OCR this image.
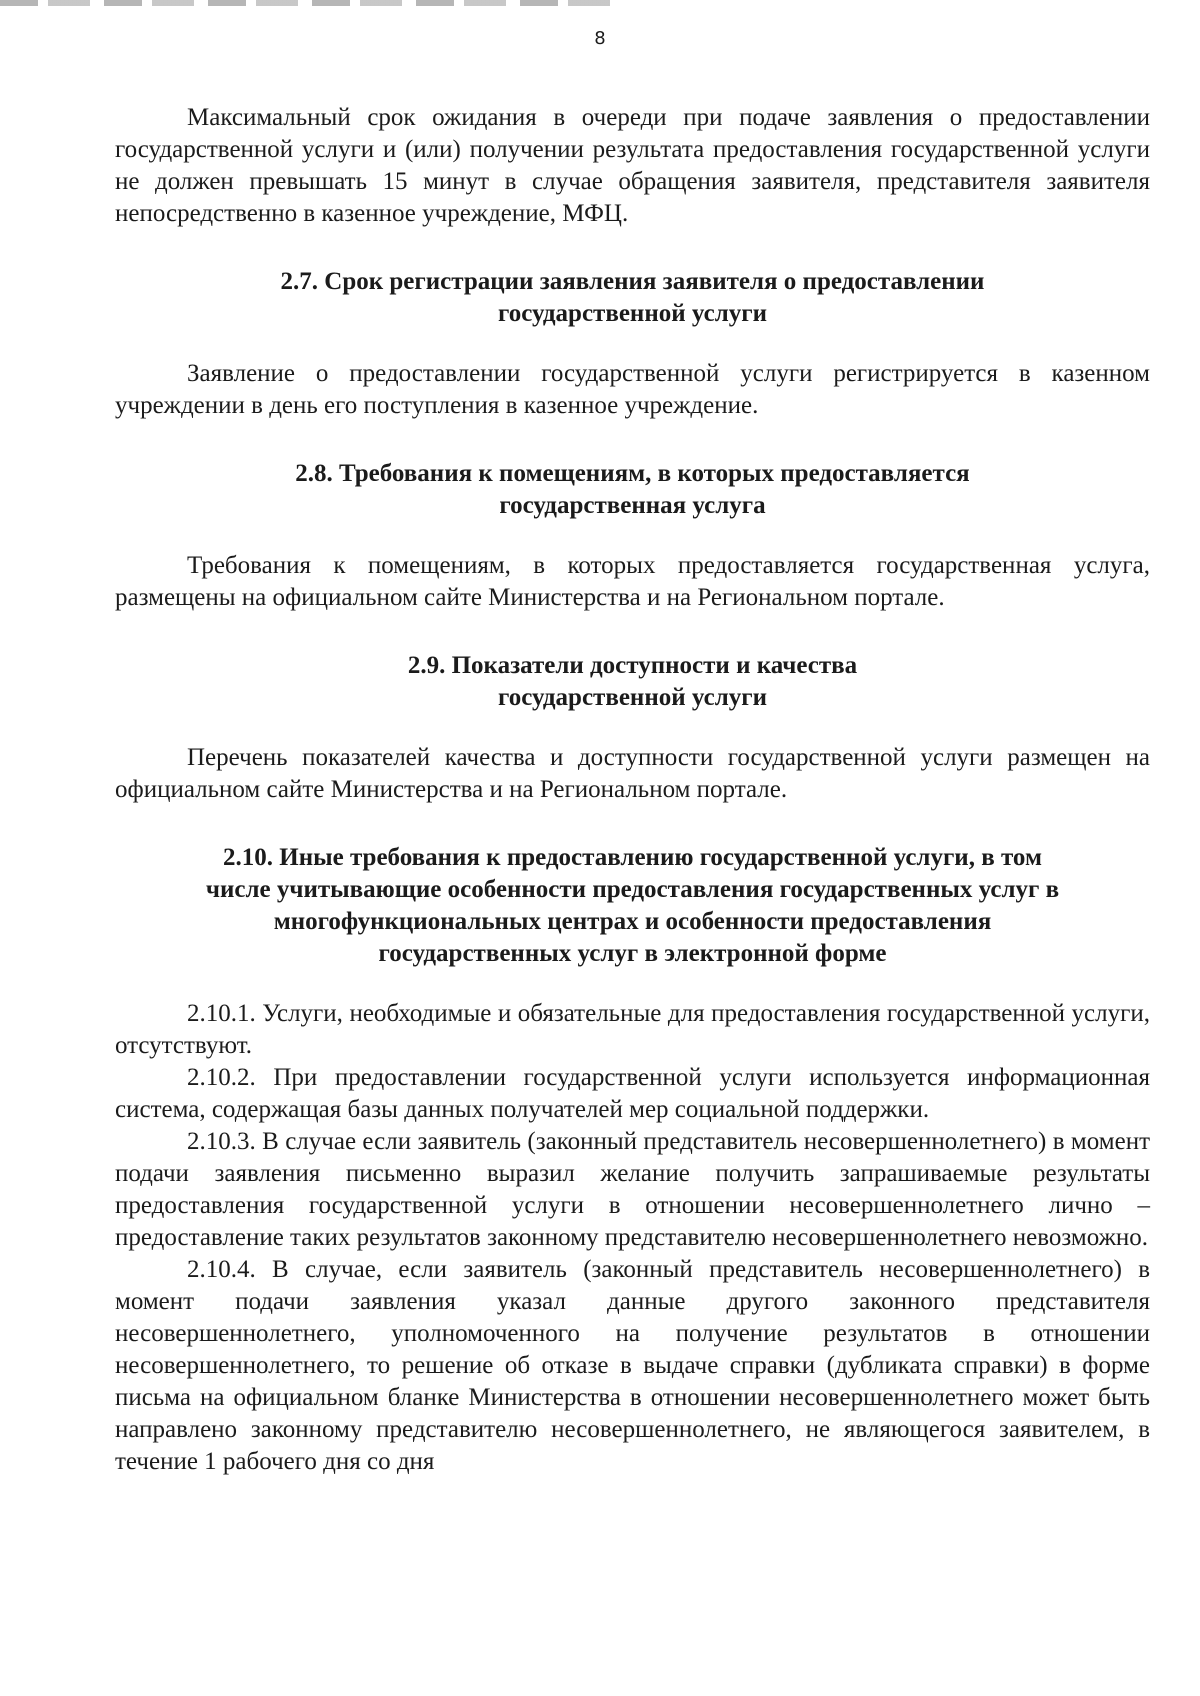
8

Максимальный срок ожидания в очереди при подаче заявления о предоставлении государственной услуги и (или) получении результата предоставления государственной услуги не должен превышать 15 минут в случае обращения заявителя, представителя заявителя непосредственно в казенное учреждение, МФЦ.

2.7. Срок регистрации заявления заявителя о предоставлении
государственной услуги

Заявление о предоставлении государственной услуги регистрируется в казенном учреждении в день его поступления в казенное учреждение.

2.8. Требования к помещениям, в которых предоставляется
государственная услуга

Требования к помещениям, в которых предоставляется государственная услуга, размещены на официальном сайте Министерства и на Региональном портале.

2.9. Показатели доступности и качества
государственной услуги

Перечень показателей качества и доступности государственной услуги размещен на официальном сайте Министерства и на Региональном портале.

2.10. Иные требования к предоставлению государственной услуги, в том
числе учитывающие особенности предоставления государственных услуг в
многофункциональных центрах и особенности предоставления
государственных услуг в электронной форме

2.10.1. Услуги, необходимые и обязательные для предоставления государственной услуги, отсутствуют.

2.10.2. При предоставлении государственной услуги используется информационная система, содержащая базы данных получателей мер социальной поддержки.

2.10.3. В случае если заявитель (законный представитель несовершеннолетнего) в момент подачи заявления письменно выразил желание получить запрашиваемые результаты предоставления государственной услуги в отношении несовершеннолетнего лично – предоставление таких результатов законному представителю несовершеннолетнего невозможно.

2.10.4. В случае, если заявитель (законный представитель несовершеннолетнего) в момент подачи заявления указал данные другого законного представителя несовершеннолетнего, уполномоченного на получение результатов в отношении несовершеннолетнего, то решение об отказе в выдаче справки (дубликата справки) в форме письма на официальном бланке Министерства в отношении несовершеннолетнего может быть направлено законному представителю несовершеннолетнего, не являющегося заявителем, в течение 1 рабочего дня со дня
